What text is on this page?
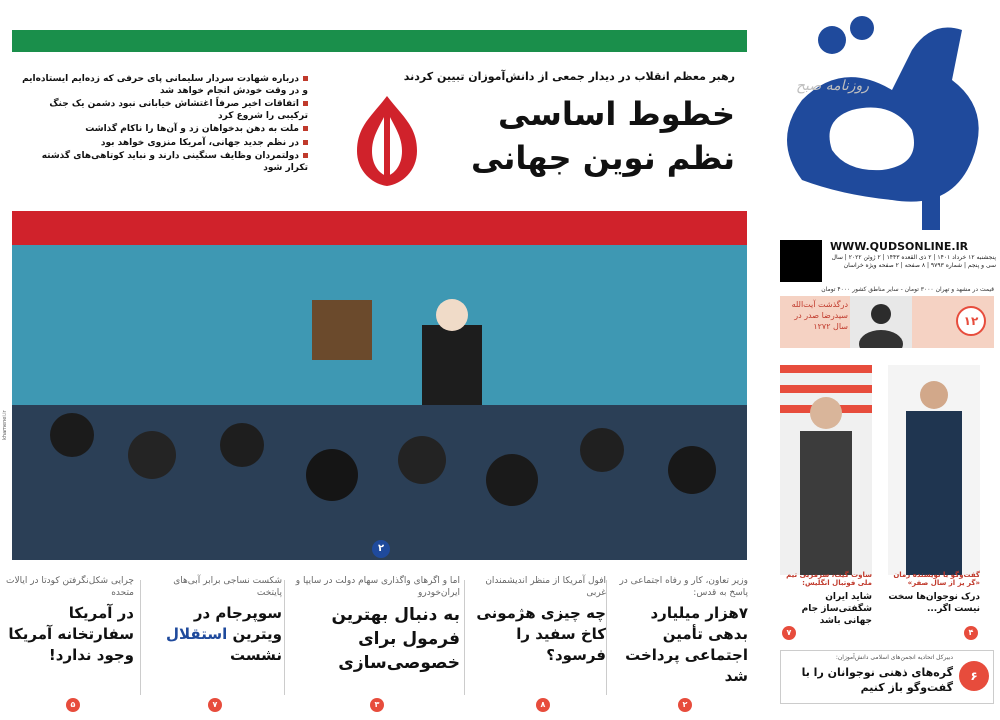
روزنامه صبح
WWW.QUDSONLINE.IR
پنجشنبه ۱۲ خرداد ۱۴۰۱ | ۲ ذی القعده ۱۴۴۳ | ۲ ژوئن ۲۰۲۲ | سال سی و پنجم | شماره ۹۷۹۳ | ۸ صفحه | ۲ صفحه ویژه خراسان
قیمت در مشهد و تهران ۳۰۰۰ تومان - سایر مناطق کشور ۴۰۰۰ تومان
درگذشت آیت‌الله سیدرضا صدر در سال ۱۲۷۲	۱۲
رهبر معظم انقلاب در دیدار جمعی از دانش‌آموزان تبیین کردند
خطوط اساسی نظم نوین جهانی
درباره شهادت سردار سلیمانی پای حرفی که زده‌ایم ایستاده‌ایم و در وقت خودش انجام خواهد شد
اتفاقات اخیر صرفاً اغتشاش خیابانی نبود دشمن یک جنگ ترکیبی را شروع کرد
ملت به دهن بدخواهان زد و آن‌ها را ناکام گذاشت
در نظم جدید جهانی، آمریکا منزوی خواهد بود
دولتمردان وظایف سنگینی دارند و نباید کوتاهی‌های گذشته تکرار شود
۲
khamenei.ir
ساوت گیت، سرمربی تیم ملی فوتبال انگلیس:
شاید ایران شگفتی‌ساز جام جهانی باشد
۷
گفت‌وگو با نویسنده رمان «گر یز از سال صفر»
درک نوجوان‌ها سخت نیست اگر...
۴
دبیرکل اتحادیه انجمن‌های اسلامی دانش‌آموزان:
گره‌های ذهنی نوجوانان را با گفت‌وگو باز کنیم
۶
وزیر تعاون، کار و رفاه اجتماعی در پاسخ به قدس:
۷هزار میلیارد بدهی تأمین اجتماعی پرداخت شد
۲
افول آمریکا از منظر اندیشمندان غربی
چه چیزی هژمونی کاخ سفید را فرسود؟
۸
اما و اگرهای واگذاری سهام دولت در سایپا و ایران‌خودرو
به دنبال بهترین فرمول برای خصوصی‌سازی
۳
شکست نساجی برابر آبی‌های پایتخت
سوپرجام در ویترین استقلال نشست
۷
چرایی شکل‌نگرفتن کودتا در ایالات متحده
در آمریکا سفارتخانه آمریکا وجود ندارد!
۵
